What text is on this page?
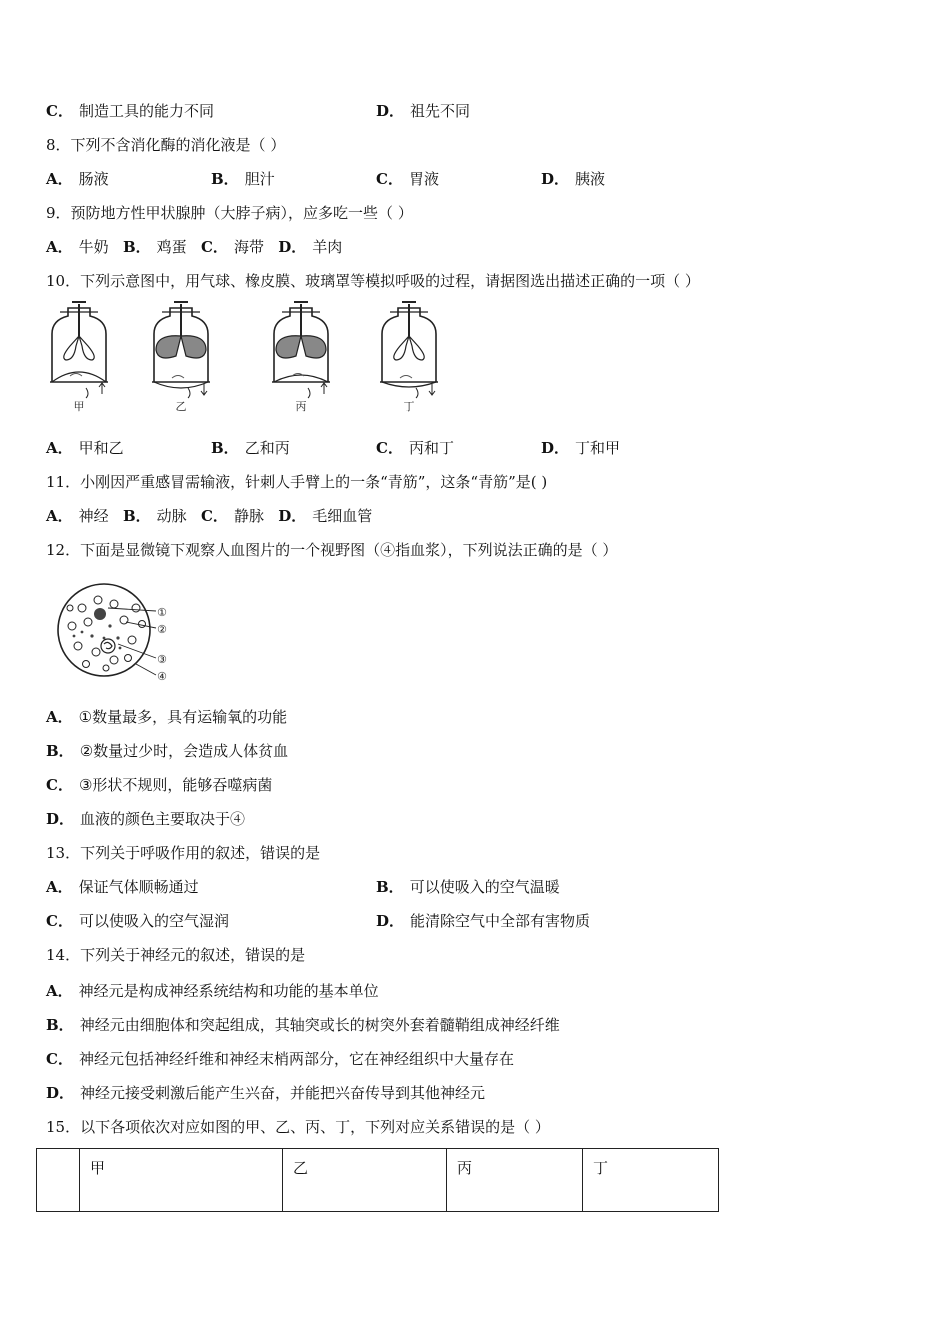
C． 制造工具的能力不同	D． 祖先不同
8．下列不含消化酶的消化液是（ ）
A． 肠液	B． 胆汁	C． 胃液	D． 胰液
9．预防地方性甲状腺肿（大脖子病），应多吃一些（ ）
A． 牛奶 B． 鸡蛋 C． 海带 D． 羊肉
10．下列示意图中，用气球、橡皮膜、玻璃罩等模拟呼吸的过程，请据图选出描述正确的一项（ ）
甲	乙	丙	丁
A． 甲和乙	B． 乙和丙	C． 丙和丁	D． 丁和甲
11．小刚因严重感冒需输液，针刺人手臂上的一条“青筋”，这条“青筋”是( )
A． 神经 B． 动脉 C． 静脉 D． 毛细血管
12．下面是显微镜下观察人血图片的一个视野图（④指血浆），下列说法正确的是（ ）
①
②
③
④
A． ①数量最多，具有运输氧的功能
B． ②数量过少时，会造成人体贫血
C． ③形状不规则，能够吞噬病菌
D． 血液的颜色主要取决于④
13．下列关于呼吸作用的叙述，错误的是
A． 保证气体顺畅通过	B． 可以使吸入的空气温暖
C． 可以使吸入的空气湿润	D． 能清除空气中全部有害物质
14．下列关于神经元的叙述，错误的是
A． 神经元是构成神经系统结构和功能的基本单位
B． 神经元由细胞体和突起组成，其轴突或长的树突外套着髓鞘组成神经纤维
C． 神经元包括神经纤维和神经末梢两部分，它在神经组织中大量存在
D． 神经元接受刺激后能产生兴奋，并能把兴奋传导到其他神经元
15．以下各项依次对应如图的甲、乙、丙、丁，下列对应关系错误的是（ ）
	甲	乙	丙	丁
